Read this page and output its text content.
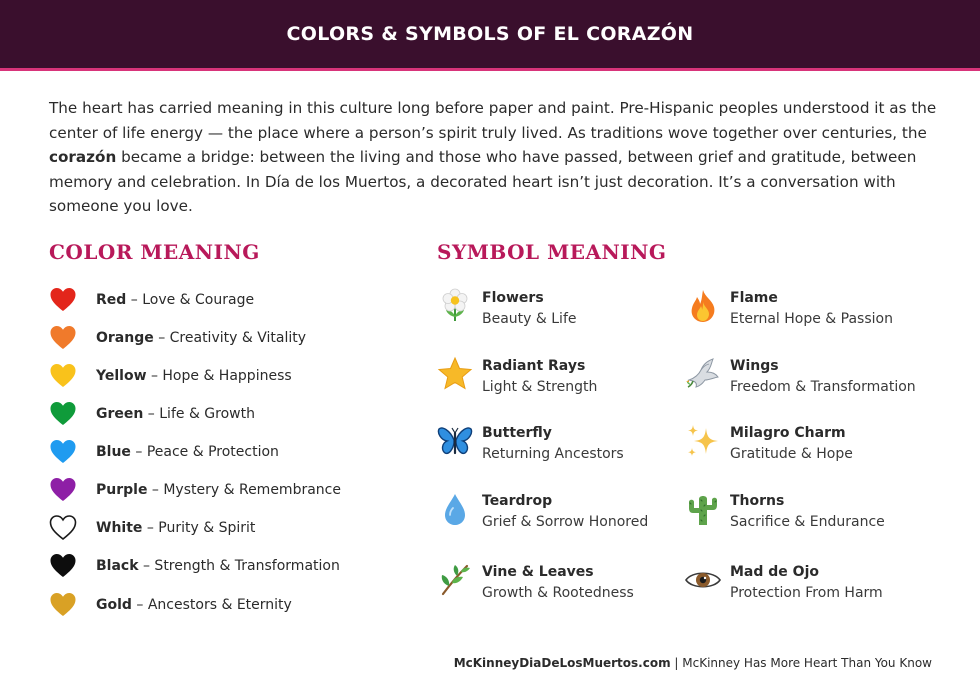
COLORS & SYMBOLS OF EL CORAZÓN

The heart has carried meaning in this culture long before paper and paint. Pre-Hispanic peoples understood it as the center of life energy — the place where a person’s spirit truly lived. As traditions wove together over centuries, the corazón became a bridge: between the living and those who have passed, between grief and gratitude, between memory and celebration. In Día de los Muertos, a decorated heart isn’t just decoration. It’s a conversation with someone you love.

COLOR MEANING	SYMBOL MEANING
Red – Love & Courage
Orange – Creativity & Vitality
Yellow – Hope & Happiness
Green – Life & Growth
Blue – Peace & Protection
Purple – Mystery & Remembrance
White – Purity & Spirit
Black – Strength & Transformation
Gold – Ancestors & Eternity
Flowers
Beauty & Life
Radiant Rays
Light & Strength
Butterfly
Returning Ancestors
Teardrop
Grief & Sorrow Honored
Vine & Leaves
Growth & Rootedness
Flame
Eternal Hope & Passion
Wings
Freedom & Transformation
Milagro Charm
Gratitude & Hope
Thorns
Sacrifice & Endurance
Mad de Ojo
Protection From Harm
McKinneyDiaDeLosMuertos.com | McKinney Has More Heart Than You Know
